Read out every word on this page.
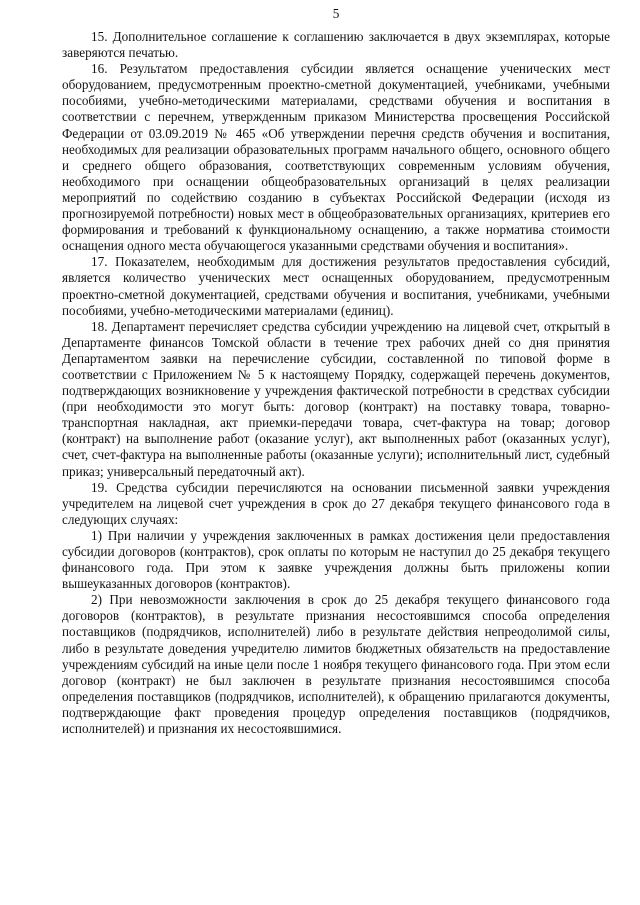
5

15. Дополнительное соглашение к соглашению заключается в двух экземплярах, которые заверяются печатью.

16. Результатом предоставления субсидии является оснащение ученических мест оборудованием, предусмотренным проектно-сметной документацией, учебниками, учебными пособиями, учебно-методическими материалами, средствами обучения и воспитания в соответствии с перечнем, утвержденным приказом Министерства просвещения Российской Федерации от 03.09.2019 № 465 «Об утверждении перечня средств обучения и воспитания, необходимых для реализации образовательных программ начального общего, основного общего и среднего общего образования, соответствующих современным условиям обучения, необходимого при оснащении общеобразовательных организаций в целях реализации мероприятий по содействию созданию в субъектах Российской Федерации (исходя из прогнозируемой потребности) новых мест в общеобразовательных организациях, критериев его формирования и требований к функциональному оснащению, а также норматива стоимости оснащения одного места обучающегося указанными средствами обучения и воспитания».

17. Показателем, необходимым для достижения результатов предоставления субсидий, является количество ученических мест оснащенных оборудованием, предусмотренным проектно-сметной документацией, средствами обучения и воспитания, учебниками, учебными пособиями, учебно-методическими материалами (единиц).

18. Департамент перечисляет средства субсидии учреждению на лицевой счет, открытый в Департаменте финансов Томской области в течение трех рабочих дней со дня принятия Департаментом заявки на перечисление субсидии, составленной по типовой форме в соответствии с Приложением № 5 к настоящему Порядку, содержащей перечень документов, подтверждающих возникновение у учреждения фактической потребности в средствах субсидии (при необходимости это могут быть: договор (контракт) на поставку товара, товарно-транспортная накладная, акт приемки-передачи товара, счет-фактура на товар; договор (контракт) на выполнение работ (оказание услуг), акт выполненных работ (оказанных услуг), счет, счет-фактура на выполненные работы (оказанные услуги); исполнительный лист, судебный приказ; универсальный передаточный акт).

19. Средства субсидии перечисляются на основании письменной заявки учреждения учредителем на лицевой счет учреждения в срок до 27 декабря текущего финансового года в следующих случаях:

1) При наличии у учреждения заключенных в рамках достижения цели предоставления субсидии договоров (контрактов), срок оплаты по которым не наступил до 25 декабря текущего финансового года. При этом к заявке учреждения должны быть приложены копии вышеуказанных договоров (контрактов).

2) При невозможности заключения в срок до 25 декабря текущего финансового года договоров (контрактов), в результате признания несостоявшимся способа определения поставщиков (подрядчиков, исполнителей) либо в результате действия непреодолимой силы, либо в результате доведения учредителю лимитов бюджетных обязательств на предоставление учреждениям субсидий на иные цели после 1 ноября текущего финансового года. При этом если договор (контракт) не был заключен в результате признания несостоявшимся способа определения поставщиков (подрядчиков, исполнителей), к обращению прилагаются документы, подтверждающие факт проведения процедур определения поставщиков (подрядчиков, исполнителей) и признания их несостоявшимися.
